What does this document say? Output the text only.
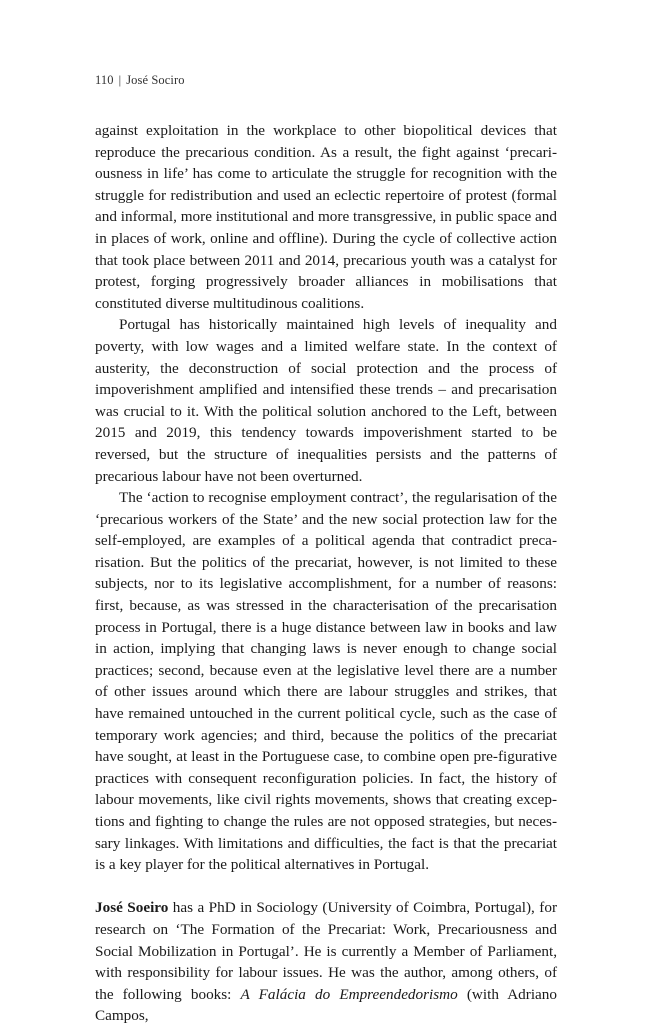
110 | José Sociro

against exploitation in the workplace to other biopolitical devices that reproduce the precarious condition. As a result, the fight against ‘precariousness in life’ has come to articulate the struggle for recognition with the struggle for redistribution and used an eclectic repertoire of protest (formal and informal, more institutional and more transgressive, in public space and in places of work, online and offline). During the cycle of collective action that took place between 2011 and 2014, precarious youth was a catalyst for protest, forging progressively broader alliances in mobilisations that constituted diverse multitudinous coalitions.

Portugal has historically maintained high levels of inequality and poverty, with low wages and a limited welfare state. In the context of austerity, the deconstruction of social protection and the process of impoverishment amplified and intensified these trends – and precarisation was crucial to it. With the political solution anchored to the Left, between 2015 and 2019, this tendency towards impoverishment started to be reversed, but the structure of inequalities persists and the patterns of precarious labour have not been overturned.

The ‘action to recognise employment contract’, the regularisation of the ‘precarious workers of the State’ and the new social protection law for the self-employed, are examples of a political agenda that contradict precarisation. But the politics of the precariat, however, is not limited to these subjects, nor to its legislative accomplishment, for a number of reasons: first, because, as was stressed in the characterisation of the precarisation process in Portugal, there is a huge distance between law in books and law in action, implying that changing laws is never enough to change social practices; second, because even at the legislative level there are a number of other issues around which there are labour struggles and strikes, that have remained untouched in the current political cycle, such as the case of temporary work agencies; and third, because the politics of the precariat have sought, at least in the Portuguese case, to combine open pre-figurative practices with consequent reconfiguration policies. In fact, the history of labour movements, like civil rights movements, shows that creating exceptions and fighting to change the rules are not opposed strategies, but necessary linkages. With limitations and difficulties, the fact is that the precariat is a key player for the political alternatives in Portugal.

José Soeiro has a PhD in Sociology (University of Coimbra, Portugal), for research on ‘The Formation of the Precariat: Work, Precariousness and Social Mobilization in Portugal’. He is currently a Member of Parliament, with responsibility for labour issues. He was the author, among others, of the following books: A Falácia do Empreendedorismo (with Adriano Campos,
